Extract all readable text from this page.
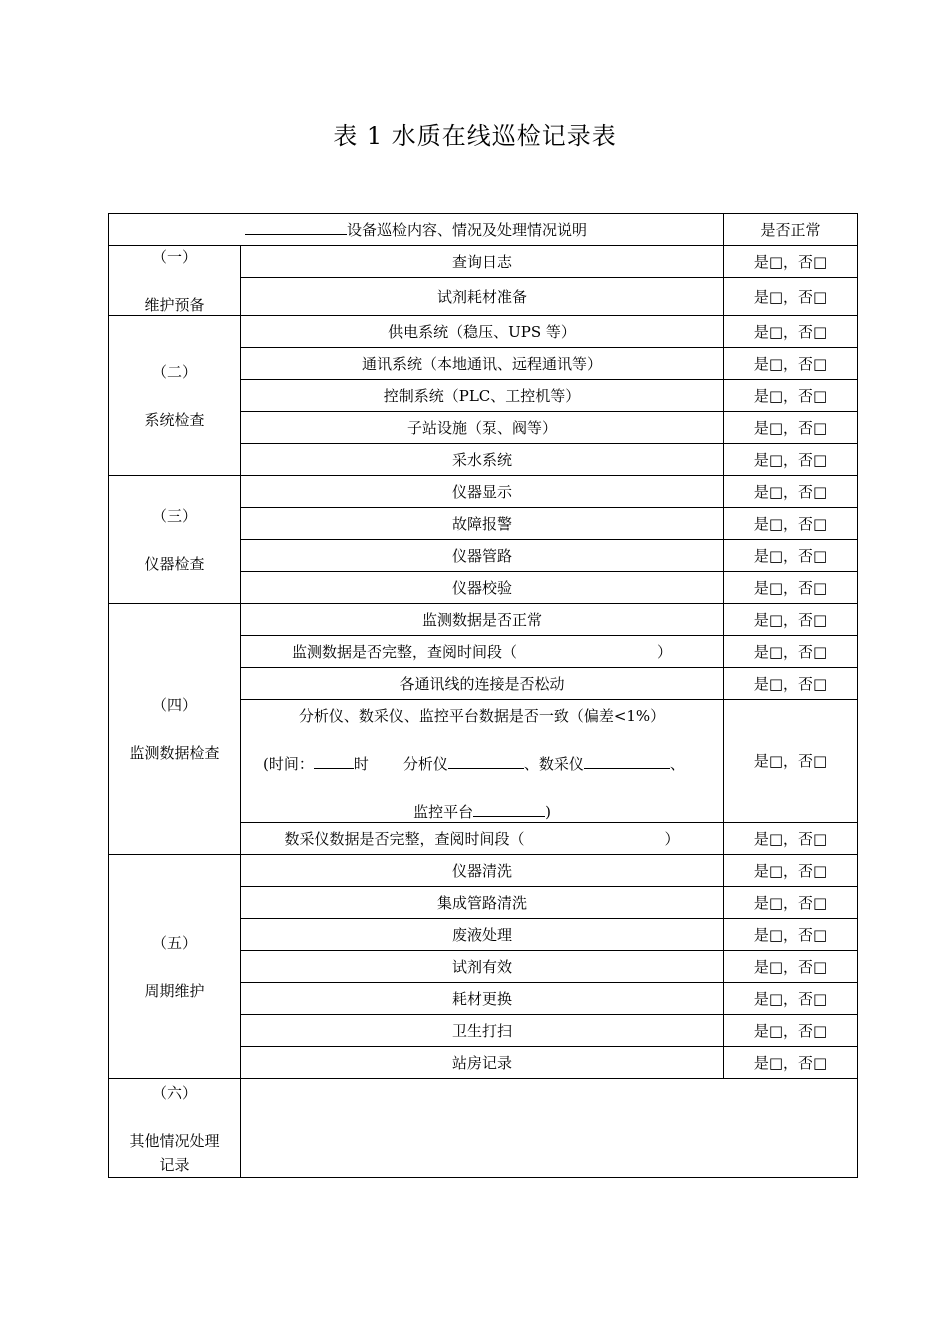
表 1 水质在线巡检记录表
设备巡检内容、情况及处理情况说明		是否正常

（一）
维护预备	查询日志	是□，否□
	试剂耗材准备	是□，否□

（二）
系统检查	供电系统（稳压、UPS 等）	是□，否□
	通讯系统（本地通讯、远程通讯等）	是□，否□
	控制系统（PLC、工控机等）	是□，否□
	子站设施（泵、阀等）	是□，否□
	采水系统	是□，否□

（三）
仪器检查	仪器显示	是□，否□
	故障报警	是□，否□
	仪器管路	是□，否□
	仪器校验	是□，否□

（四）
监测数据检查	监测数据是否正常	是□，否□
	监测数据是否完整，查阅时间段（ ）	是□，否□
	各通讯线的连接是否松动	是□，否□

	分析仪、数采仪、监控平台数据是否一致（偏差<1%）
(时间： 时 分析仪 、数采仪 、
监控平台 )	是□，否□
	数采仪数据是否完整，查阅时间段（ ）	是□，否□

（五）
周期维护	仪器清洗	是□，否□
	集成管路清洗	是□，否□
	废液处理	是□，否□
	试剂有效	是□，否□
	耗材更换	是□，否□
	卫生打扫	是□，否□
	站房记录	是□，否□

（六）
其他情况处理
记录		
